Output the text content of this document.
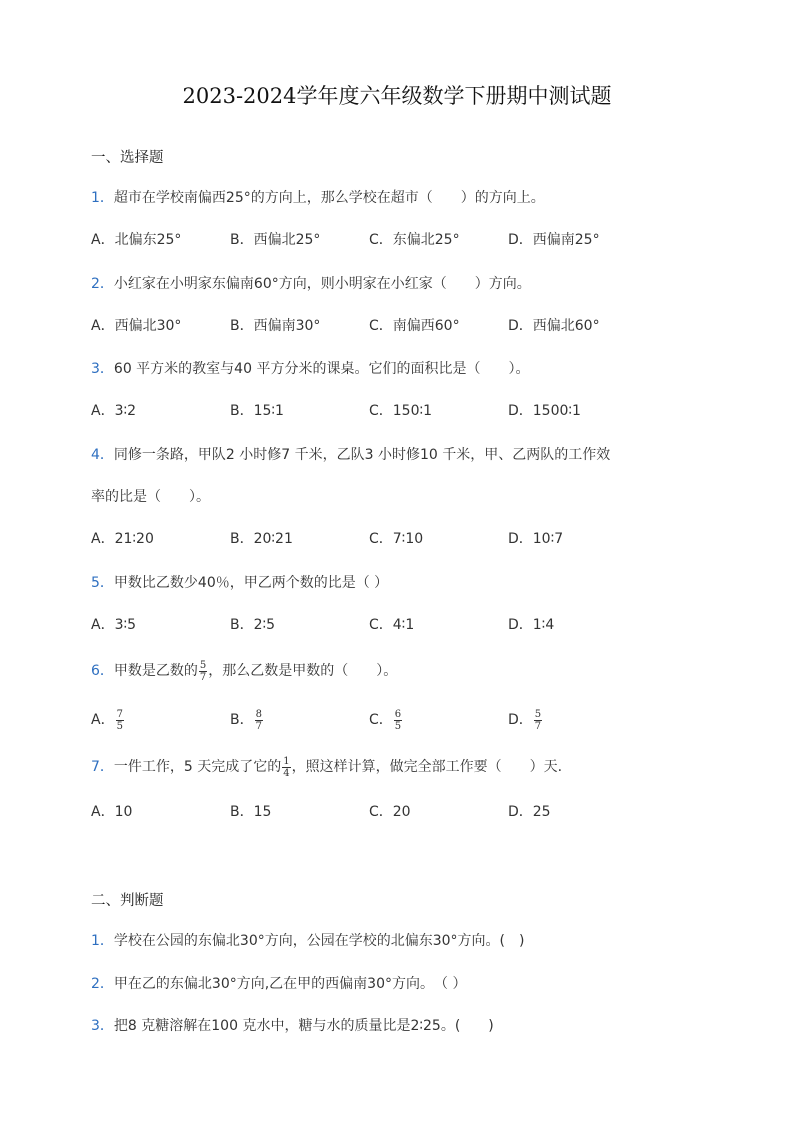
2023-2024学年度六年级数学下册期中测试题
一、选择题
1．超市在学校南偏西25°的方向上，那么学校在超市（　　）的方向上。
A．北偏东25°	B．西偏北25°	C．东偏北25°	D．西偏南25°
2．小红家在小明家东偏南60°方向，则小明家在小红家（　　）方向。
A．西偏北30°	B．西偏南30°	C．南偏西60°	D．西偏北60°
3．60 平方米的教室与40 平方分米的课桌。它们的面积比是（　　）。
A．3∶2	B．15∶1	C．150∶1	D．1500∶1
4．同修一条路，甲队2 小时修7 千米，乙队3 小时修10 千米，甲、乙两队的工作效
率的比是（　　）。
A．21∶20	B．20∶21	C．7∶10	D．10∶7
5．甲数比乙数少40％，甲乙两个数的比是（ ）
A．3∶5	B．2∶5	C．4∶1	D．1∶4
6．甲数是乙数的 $\frac{5}{7}$ ，那么乙数是甲数的（　　）。
A． $\frac{7}{5}$	B． $\frac{8}{7}$	C． $\frac{6}{5}$	D． $\frac{5}{7}$
7．一件工作，5 天完成了它的 $\frac{1}{4}$ ，照这样计算，做完全部工作要（　　）天.
A．10	B．15	C．20	D．25
二、判断题
1．学校在公园的东偏北30°方向，公园在学校的北偏东30°方向。(　)
2．甲在乙的东偏北30°方向,乙在甲的西偏南30°方向。　（ ）
3．把8 克糖溶解在100 克水中，糖与水的质量比是2∶25。(　　)
